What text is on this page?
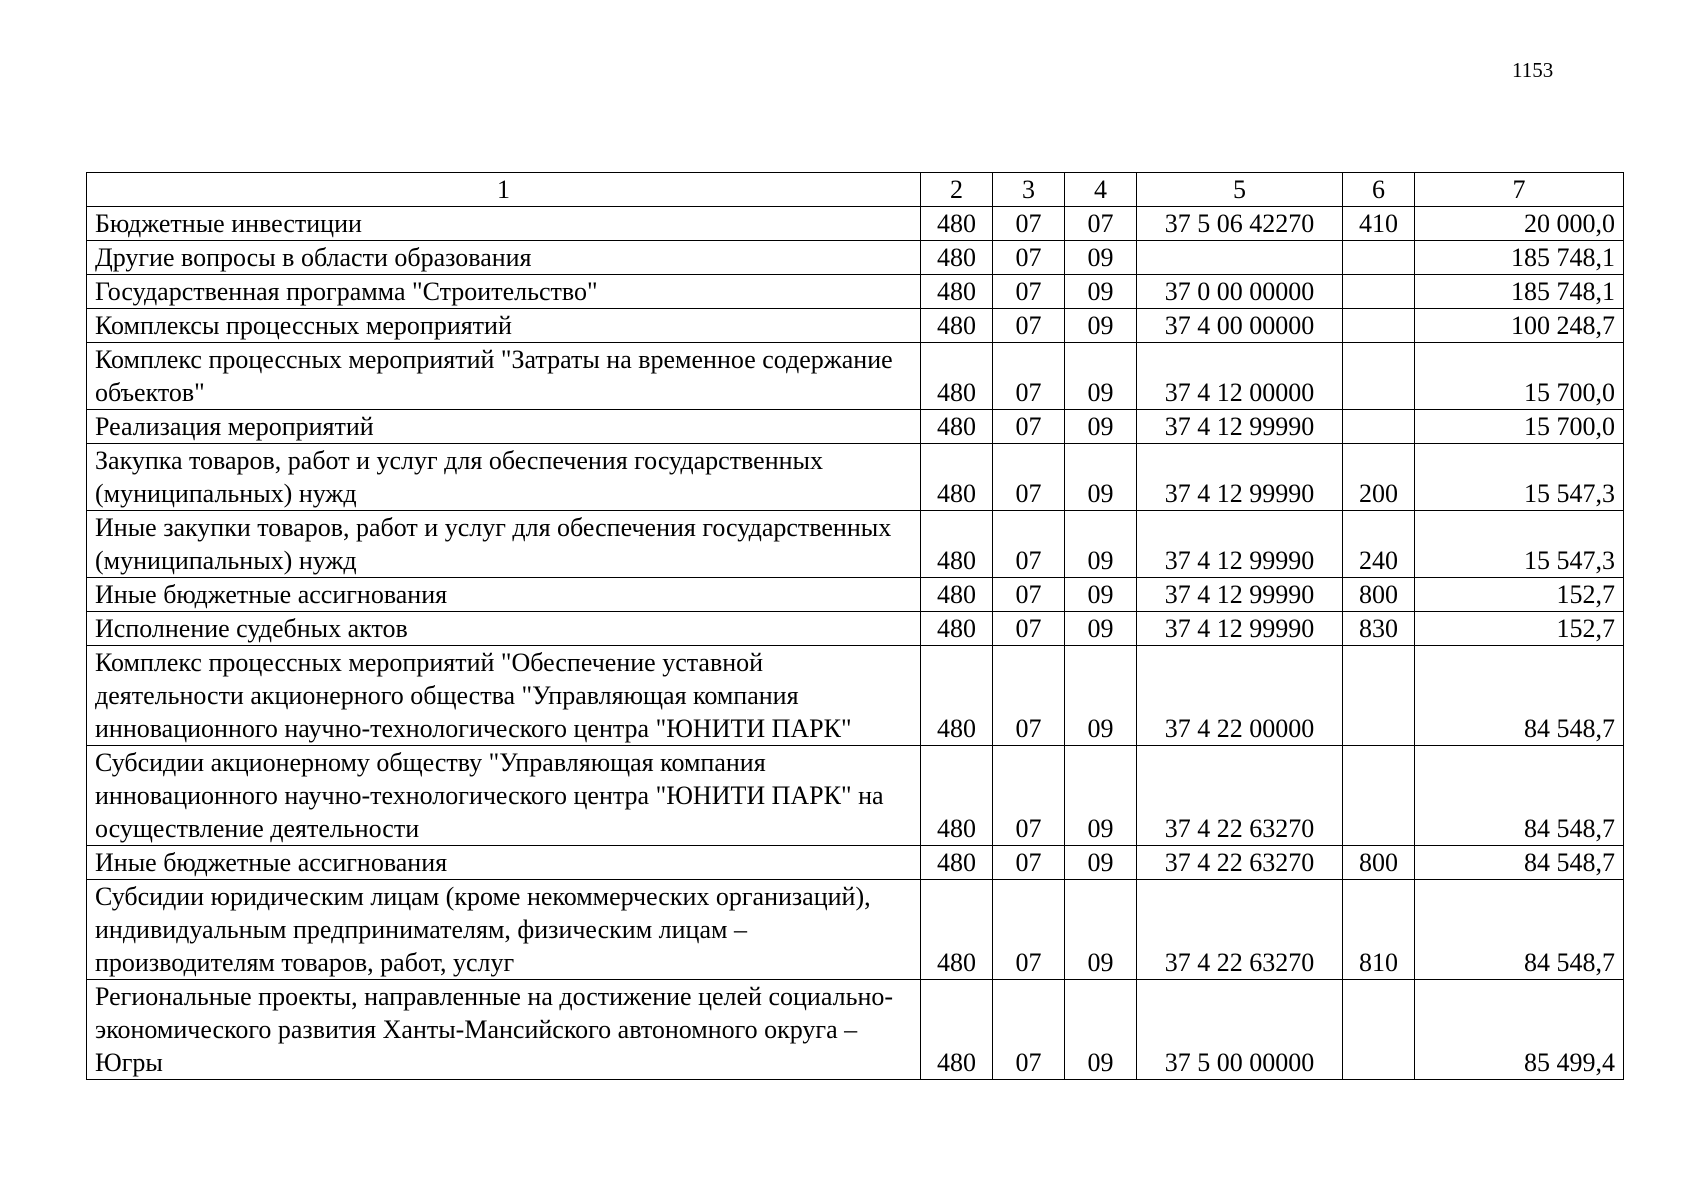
1153
1	2	3	4	5	6	7
Бюджетные инвестиции	480	07	07	37 5 06 42270	410	20 000,0
Другие вопросы в области образования	480	07	09			185 748,1
Государственная программа "Строительство"	480	07	09	37 0 00 00000		185 748,1
Комплексы процессных мероприятий	480	07	09	37 4 00 00000		100 248,7
Комплекс процессных мероприятий "Затраты на временное содержание объектов"	480	07	09	37 4 12 00000		15 700,0
Реализация мероприятий	480	07	09	37 4 12 99990		15 700,0
Закупка товаров, работ и услуг для обеспечения государственных (муниципальных) нужд	480	07	09	37 4 12 99990	200	15 547,3
Иные закупки товаров, работ и услуг для обеспечения государственных (муниципальных) нужд	480	07	09	37 4 12 99990	240	15 547,3
Иные бюджетные ассигнования	480	07	09	37 4 12 99990	800	152,7
Исполнение судебных актов	480	07	09	37 4 12 99990	830	152,7
Комплекс процессных мероприятий "Обеспечение уставной деятельности акционерного общества "Управляющая компания инновационного научно-технологического центра "ЮНИТИ ПАРК"	480	07	09	37 4 22 00000		84 548,7
Субсидии акционерному обществу "Управляющая компания инновационного научно-технологического центра "ЮНИТИ ПАРК" на осуществление деятельности	480	07	09	37 4 22 63270		84 548,7
Иные бюджетные ассигнования	480	07	09	37 4 22 63270	800	84 548,7
Субсидии юридическим лицам (кроме некоммерческих организаций), индивидуальным предпринимателям, физическим лицам – производителям товаров, работ, услуг	480	07	09	37 4 22 63270	810	84 548,7
Региональные проекты, направленные на достижение целей социально-экономического развития Ханты-Мансийского автономного округа – Югры	480	07	09	37 5 00 00000		85 499,4
